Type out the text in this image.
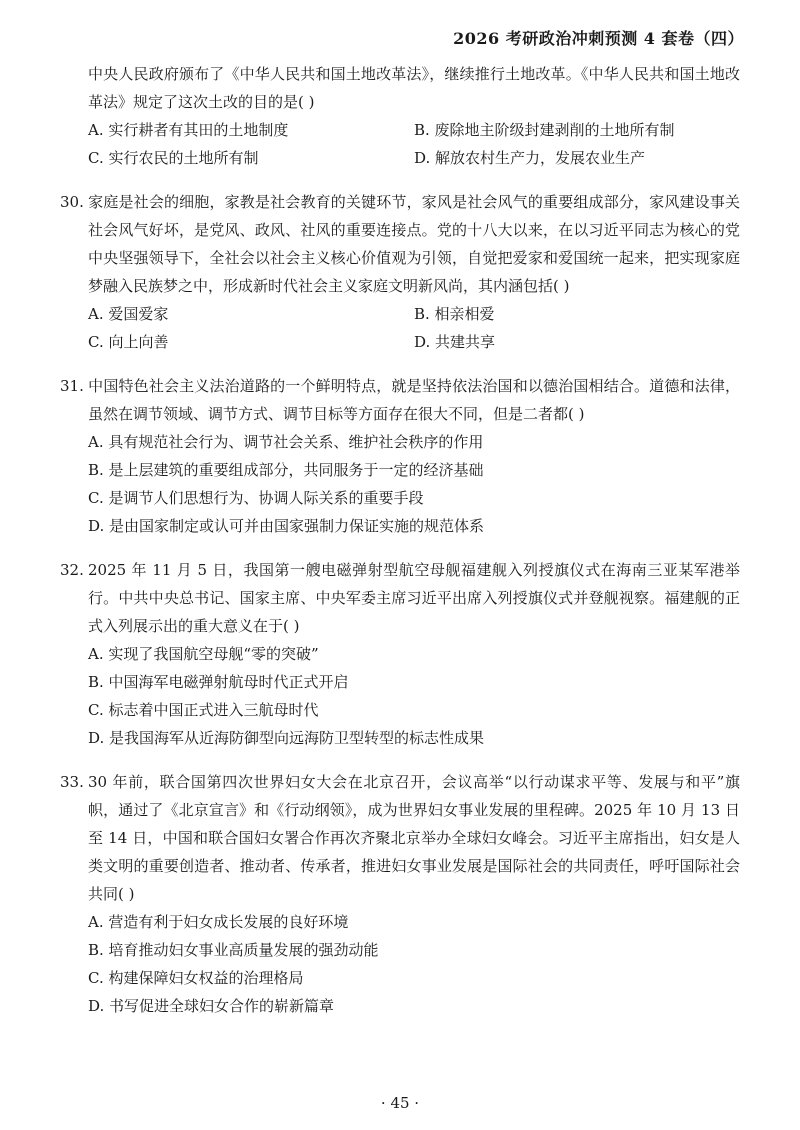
2026 考研政治冲刺预测 4 套卷（四）

中央人民政府颁布了《中华人民共和国土地改革法》，继续推行土地改革。《中华人民共和国土地改革法》规定了这次土改的目的是( )

A. 实行耕者有其田的土地制度	B. 废除地主阶级封建剥削的土地所有制
C. 实行农民的土地所有制	D. 解放农村生产力，发展农业生产

30. 家庭是社会的细胞，家教是社会教育的关键环节，家风是社会风气的重要组成部分，家风建设事关社会风气好坏，是党风、政风、社风的重要连接点。党的十八大以来，在以习近平同志为核心的党中央坚强领导下，全社会以社会主义核心价值观为引领，自觉把爱家和爱国统一起来，把实现家庭梦融入民族梦之中，形成新时代社会主义家庭文明新风尚，其内涵包括( )

A. 爱国爱家	B. 相亲相爱
C. 向上向善	D. 共建共享

31. 中国特色社会主义法治道路的一个鲜明特点，就是坚持依法治国和以德治国相结合。道德和法律，虽然在调节领域、调节方式、调节目标等方面存在很大不同，但是二者都( )

A. 具有规范社会行为、调节社会关系、维护社会秩序的作用
B. 是上层建筑的重要组成部分，共同服务于一定的经济基础
C. 是调节人们思想行为、协调人际关系的重要手段
D. 是由国家制定或认可并由国家强制力保证实施的规范体系

32. 2025 年 11 月 5 日，我国第一艘电磁弹射型航空母舰福建舰入列授旗仪式在海南三亚某军港举行。中共中央总书记、国家主席、中央军委主席习近平出席入列授旗仪式并登舰视察。福建舰的正式入列展示出的重大意义在于( )

A. 实现了我国航空母舰“零的突破”
B. 中国海军电磁弹射航母时代正式开启
C. 标志着中国正式进入三航母时代
D. 是我国海军从近海防御型向远海防卫型转型的标志性成果

33. 30 年前，联合国第四次世界妇女大会在北京召开，会议高举“以行动谋求平等、发展与和平”旗帜，通过了《北京宣言》和《行动纲领》，成为世界妇女事业发展的里程碑。2025 年 10 月 13 日至 14 日，中国和联合国妇女署合作再次齐聚北京举办全球妇女峰会。习近平主席指出，妇女是人类文明的重要创造者、推动者、传承者，推进妇女事业发展是国际社会的共同责任，呼吁国际社会共同( )

A. 营造有利于妇女成长发展的良好环境
B. 培育推动妇女事业高质量发展的强劲动能
C. 构建保障妇女权益的治理格局
D. 书写促进全球妇女合作的崭新篇章
· 45 ·
